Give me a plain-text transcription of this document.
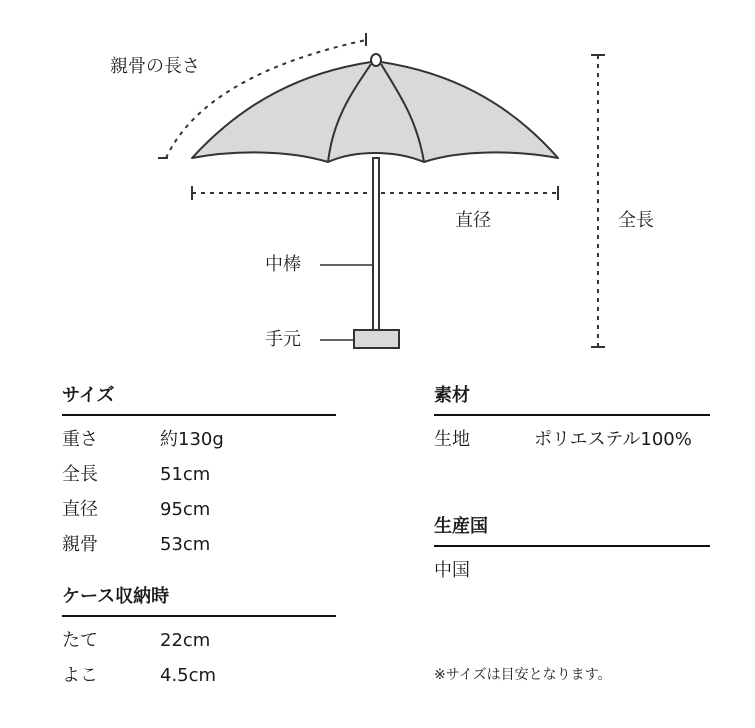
親骨の長さ
直径	全長
中棒
手元
サイズ
重さ	約130g
全長	51cm
直径	95cm
親骨	53cm
ケース収納時
たて	22cm
よこ	4.5cm
素材
生地	ポリエステル100%
生産国
中国
※サイズは目安となります。
